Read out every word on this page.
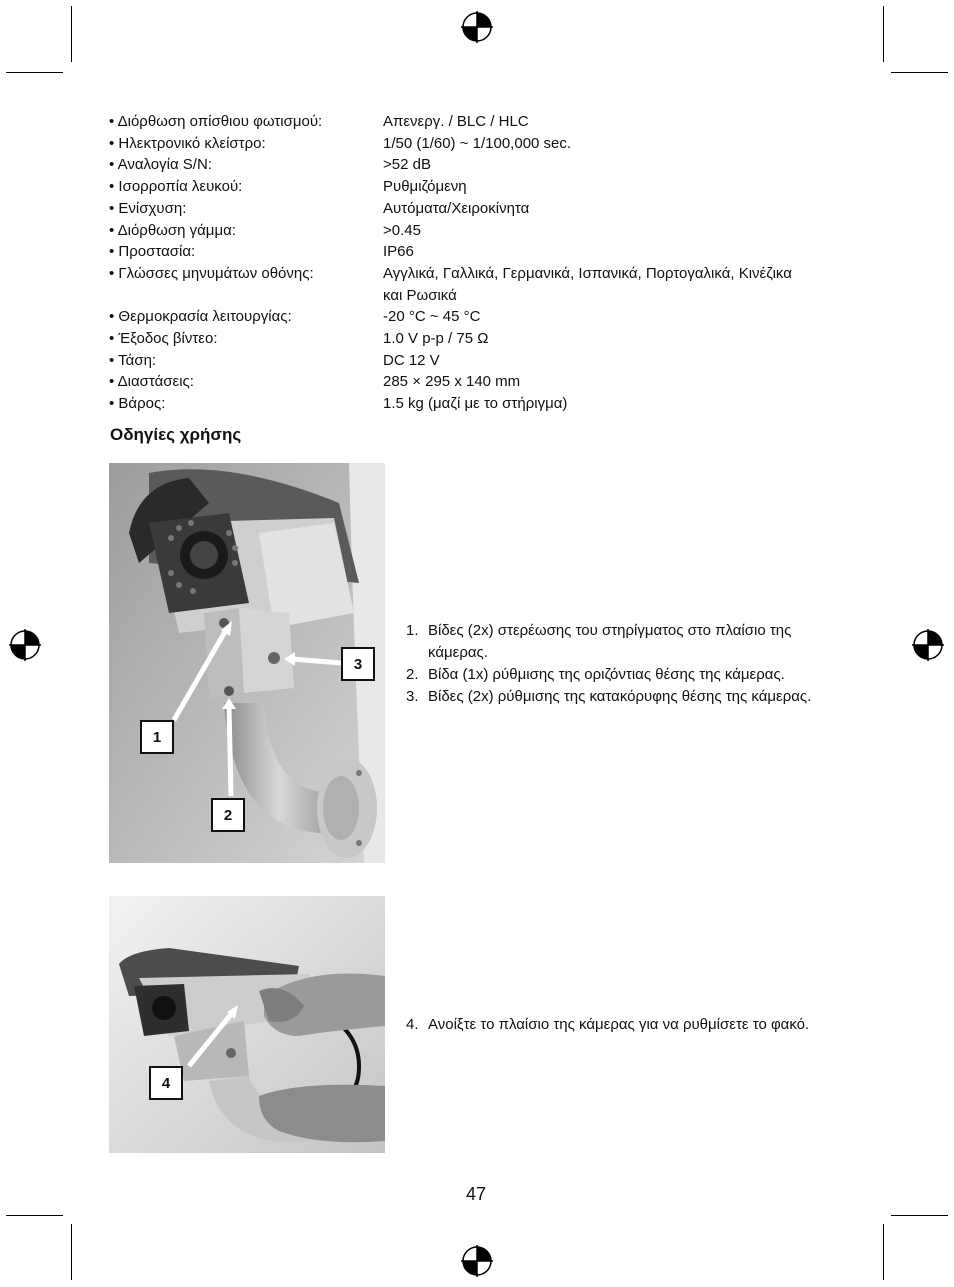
• Διόρθωση οπίσθιου φωτισμού:	Απενεργ. / BLC / HLC
• Ηλεκτρονικό κλείστρο:	1/50 (1/60) ~ 1/100,000 sec.
• Αναλογία S/N:	>52 dB
• Ισορροπία λευκού:	Ρυθμιζόμενη
• Ενίσχυση:	Αυτόματα/Χειροκίνητα
• Διόρθωση γάμμα:	>0.45
• Προστασία:	IP66
• Γλώσσες μηνυμάτων οθόνης:	Αγγλικά, Γαλλικά, Γερμανικά, Ισπανικά, Πορτογαλικά, Κινέζικα
και Ρωσικά
• Θερμοκρασία λειτουργίας:	-20 °C ~ 45 °C
• Έξοδος βίντεο:	1.0 V p-p / 75 Ω
• Τάση:	DC 12 V
• Διαστάσεις:	285 × 295 x 140 mm
• Βάρος:	1.5 kg (μαζί με το στήριγμα)
Οδηγίες χρήσης
1
2
3
1. Βίδες (2x) στερέωσης του στηρίγματος στο πλαίσιο της
κάμερας.
2. Βίδα (1x) ρύθμισης της οριζόντιας θέσης της κάμερας.
3. Βίδες (2x) ρύθμισης της κατακόρυφης θέσης της κάμερας.
4
4. Ανοίξτε το πλαίσιο της κάμερας για να ρυθμίσετε το φακό.
47
